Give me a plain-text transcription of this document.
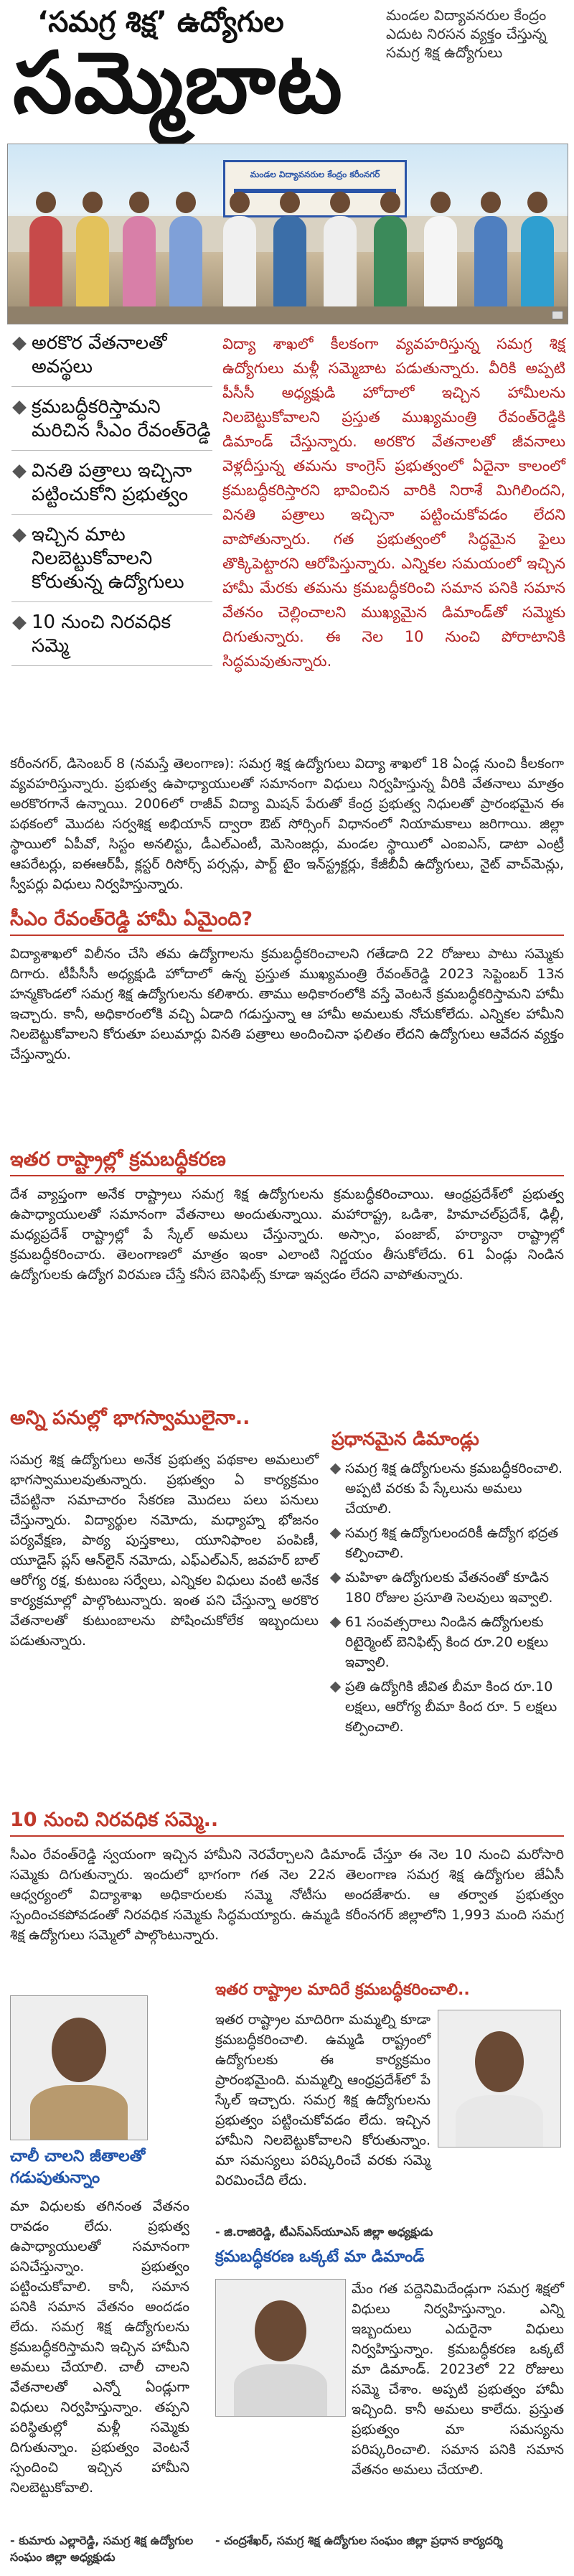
‘సమగ్ర శిక్ష’ ఉద్యోగుల
సమ్మెబాట
మండల విద్యావనరుల కేంద్రం ఎదుట నిరసన వ్యక్తం చేస్తున్న సమగ్ర శిక్ష ఉద్యోగులు
మండల విద్యావనరుల కేంద్రం కరీంనగర్
అరకొర వేతనాలతో అవస్థలు
క్రమబద్ధీకరిస్తామని మరిచిన సీఎం రేవంత్‌రెడ్డి
వినతి పత్రాలు ఇచ్చినా పట్టించుకోని ప్రభుత్వం
ఇచ్చిన మాట నిలబెట్టుకోవాలని కోరుతున్న ఉద్యోగులు
10 నుంచి నిరవధిక సమ్మె
విద్యా శాఖలో కీలకంగా వ్యవహరిస్తున్న సమగ్ర శిక్ష ఉద్యోగులు మళ్లీ సమ్మెబాట పడుతున్నారు. వీరికి అప్పటి పీసీసీ అధ్యక్షుడి హోదాలో ఇచ్చిన హామీలను నిలబెట్టుకోవాలని ప్రస్తుత ముఖ్యమంత్రి రేవంత్‌రెడ్డికి డిమాండ్‌ చేస్తున్నారు. అరకొర వేతనాలతో జీవనాలు వెళ్లదీస్తున్న తమను కాంగ్రెస్‌ ప్రభుత్వంలో ఏదైనా కాలంలో క్రమబద్ధీకరిస్తారని భావించిన వారికి నిరాశే మిగిలిందని, వినతి పత్రాలు ఇచ్చినా పట్టించుకోవడం లేదని వాపోతున్నారు. గత ప్రభుత్వంలో సిద్ధమైన ఫైలు తొక్కిపెట్టారని ఆరోపిస్తున్నారు. ఎన్నికల సమయంలో ఇచ్చిన హామీ మేరకు తమను క్రమబద్ధీకరించి సమాన పనికి సమాన వేతనం చెల్లించాలని ముఖ్యమైన డిమాండ్‌తో సమ్మెకు దిగుతున్నారు. ఈ నెల 10 నుంచి పోరాటానికి సిద్ధమవుతున్నారు.
కరీంనగర్‌, డిసెంబర్‌ 8 (నమస్తే తెలంగాణ): సమగ్ర శిక్ష ఉద్యోగులు విద్యా శాఖలో 18 ఏండ్ల నుంచి కీలకంగా వ్యవహరిస్తున్నారు. ప్రభుత్వ ఉపాధ్యాయులతో సమానంగా విధులు నిర్వహిస్తున్న వీరికి వేతనాలు మాత్రం అరకొరగానే ఉన్నాయి. 2006లో రాజీవ్‌ విద్యా మిషన్‌ పేరుతో కేంద్ర ప్రభుత్వ నిధులతో ప్రారంభమైన ఈ పథకంలో మొదట సర్వశిక్ష అభియాన్‌ ద్వారా ఔట్‌ సోర్సింగ్‌ విధానంలో నియామకాలు జరిగాయి. జిల్లా స్థాయిలో ఏపీవో, సిస్టం అనలిస్టు, డీఎల్‌ఎంటీ, మెసెంజర్లు, మండల స్థాయిలో ఎంఐఎస్‌, డాటా ఎంట్రీ ఆపరేటర్లు, ఐఈఆర్‌పీ, క్లస్టర్‌ రిసోర్స్‌ పర్సన్లు, పార్ట్‌ టైం ఇన్‌స్ట్రక్టర్లు, కేజీబీవీ ఉద్యోగులు, నైట్‌ వాచ్‌మెన్లు, స్వీపర్లు విధులు నిర్వహిస్తున్నారు.
సీఎం రేవంత్‌రెడ్డి హామీ ఏమైంది?
విద్యాశాఖలో విలీనం చేసి తమ ఉద్యోగాలను క్రమబద్ధీకరించాలని గతేడాది 22 రోజులు పాటు సమ్మెకు దిగారు. టీపీసీసీ అధ్యక్షుడి హోదాలో ఉన్న ప్రస్తుత ముఖ్యమంత్రి రేవంత్‌రెడ్డి 2023 సెప్టెంబర్‌ 13న హన్మకొండలో సమగ్ర శిక్ష ఉద్యోగులను కలిశారు. తాము అధికారంలోకి వస్తే వెంటనే క్రమబద్ధీకరిస్తామని హామీ ఇచ్చారు. కానీ, అధికారంలోకి వచ్చి ఏడాది గడుస్తున్నా ఆ హామీ అమలుకు నోచుకోలేదు. ఎన్నికల హామీని నిలబెట్టుకోవాలని కోరుతూ పలుమార్లు వినతి పత్రాలు అందించినా ఫలితం లేదని ఉద్యోగులు ఆవేదన వ్యక్తం చేస్తున్నారు.
ఇతర రాష్ట్రాల్లో క్రమబద్ధీకరణ
దేశ వ్యాప్తంగా అనేక రాష్ట్రాలు సమగ్ర శిక్ష ఉద్యోగులను క్రమబద్ధీకరించాయి. ఆంధ్రప్రదేశ్‌లో ప్రభుత్వ ఉపాధ్యాయులతో సమానంగా వేతనాలు అందుతున్నాయి. మహారాష్ట్ర, ఒడిశా, హిమాచల్‌ప్రదేశ్‌, ఢిల్లీ, మధ్యప్రదేశ్‌ రాష్ట్రాల్లో పే స్కేల్‌ అమలు చేస్తున్నారు. అస్సాం, పంజాబ్‌, హర్యానా రాష్ట్రాల్లో క్రమబద్ధీకరించారు. తెలంగాణలో మాత్రం ఇంకా ఎలాంటి నిర్ణయం తీసుకోలేదు. 61 ఏండ్లు నిండిన ఉద్యోగులకు ఉద్యోగ విరమణ చేస్తే కనీస బెనిఫిట్స్‌ కూడా ఇవ్వడం లేదని వాపోతున్నారు.
అన్ని పనుల్లో భాగస్వాములైనా..
సమగ్ర శిక్ష ఉద్యోగులు అనేక ప్రభుత్వ పథకాల అమలులో భాగస్వాములవుతున్నారు. ప్రభుత్వం ఏ కార్యక్రమం చేపట్టినా సమాచారం సేకరణ మొదలు పలు పనులు చేస్తున్నారు. విద్యార్థుల నమోదు, మధ్యాహ్న భోజనం పర్యవేక్షణ, పాఠ్య పుస్తకాలు, యూనిఫాంల పంపిణీ, యూడైస్‌ ప్లస్‌ ఆన్‌లైన్‌ నమోదు, ఎఫ్‌ఎల్‌ఎన్‌, జవహర్‌ బాల్‌ ఆరోగ్య రక్ష, కుటుంబ సర్వేలు, ఎన్నికల విధులు వంటి అనేక కార్యక్రమాల్లో పాల్గొంటున్నారు. ఇంత పని చేస్తున్నా అరకొర వేతనాలతో కుటుంబాలను పోషించుకోలేక ఇబ్బందులు పడుతున్నారు.
ప్రధానమైన డిమాండ్లు
సమగ్ర శిక్ష ఉద్యోగులను క్రమబద్ధీకరించాలి. అప్పటి వరకు పే స్కేలును అమలు చేయాలి.
సమగ్ర శిక్ష ఉద్యోగులందరికీ ఉద్యోగ భద్రత కల్పించాలి.
మహిళా ఉద్యోగులకు వేతనంతో కూడిన 180 రోజుల ప్రసూతి సెలవులు ఇవ్వాలి.
61 సంవత్సరాలు నిండిన ఉద్యోగులకు రిటైర్మెంట్‌ బెనిఫిట్స్‌ కింద రూ.20 లక్షలు ఇవ్వాలి.
ప్రతి ఉద్యోగికి జీవిత బీమా కింద రూ.10 లక్షలు, ఆరోగ్య బీమా కింద రూ. 5 లక్షలు కల్పించాలి.
10 నుంచి నిరవధిక సమ్మె..
సీఎం రేవంత్‌రెడ్డి స్వయంగా ఇచ్చిన హామీని నెరవేర్చాలని డిమాండ్‌ చేస్తూ ఈ నెల 10 నుంచి మరోసారి సమ్మెకు దిగుతున్నారు. ఇందులో భాగంగా గత నెల 22న తెలంగాణ సమగ్ర శిక్ష ఉద్యోగుల జేఏసీ ఆధ్వర్యంలో విద్యాశాఖ అధికారులకు సమ్మె నోటీసు అందజేశారు. ఆ తర్వాత ప్రభుత్వం స్పందించకపోవడంతో నిరవధిక సమ్మెకు సిద్ధమయ్యారు. ఉమ్మడి కరీంనగర్‌ జిల్లాలోని 1,993 మంది సమగ్ర శిక్ష ఉద్యోగులు సమ్మెలో పాల్గొంటున్నారు.
చాలీ చాలని జీతాలతో గడుపుతున్నాం
మా విధులకు తగినంత వేతనం రావడం లేదు. ప్రభుత్వ ఉపాధ్యాయులతో సమానంగా పనిచేస్తున్నాం. ప్రభుత్వం పట్టించుకోవాలి. కానీ, సమాన పనికి సమాన వేతనం అందడం లేదు. సమగ్ర శిక్ష ఉద్యోగులను క్రమబద్ధీకరిస్తామని ఇచ్చిన హామీని అమలు చేయాలి. చాలీ చాలని వేతనాలతో ఎన్నో ఏండ్లుగా విధులు నిర్వహిస్తున్నాం. తప్పని పరిస్థితుల్లో మళ్లీ సమ్మెకు దిగుతున్నాం. ప్రభుత్వం వెంటనే స్పందించి ఇచ్చిన హామీని నిలబెట్టుకోవాలి.
- కుమారు ఎల్లారెడ్డి, సమగ్ర శిక్ష ఉద్యోగుల సంఘం జిల్లా అధ్యక్షుడు
ఇతర రాష్ట్రాల మాదిరే క్రమబద్ధీకరించాలి..
ఇతర రాష్ట్రాల మాదిరిగా మమ్మల్ని కూడా క్రమబద్ధీకరించాలి. ఉమ్మడి రాష్ట్రంలో ఉద్యోగులకు ఈ కార్యక్రమం ప్రారంభమైంది. మమ్మల్ని ఆంధ్రప్రదేశ్‌లో పే స్కేల్‌ ఇచ్చారు. సమగ్ర శిక్ష ఉద్యోగులను ప్రభుత్వం పట్టించుకోవడం లేదు. ఇచ్చిన హామీని నిలబెట్టుకోవాలని కోరుతున్నాం. మా సమస్యలు పరిష్కరించే వరకు సమ్మె విరమించేది లేదు.
- జి.రాజిరెడ్డి, టీఎస్‌ఎస్‌యూఎస్‌ జిల్లా అధ్యక్షుడు
క్రమబద్ధీకరణ ఒక్కటే మా డిమాండ్‌
మేం గత పద్దెనిమిదేండ్లుగా సమగ్ర శిక్షలో విధులు నిర్వహిస్తున్నాం. ఎన్ని ఇబ్బందులు ఎదురైనా విధులు నిర్వహిస్తున్నాం. క్రమబద్ధీకరణ ఒక్కటే మా డిమాండ్‌. 2023లో 22 రోజులు సమ్మె చేశాం. అప్పటి ప్రభుత్వం హామీ ఇచ్చింది. కానీ అమలు కాలేదు. ప్రస్తుత ప్రభుత్వం మా సమస్యను పరిష్కరించాలి. సమాన పనికి సమాన వేతనం అమలు చేయాలి.
- చంద్రశేఖర్‌, సమగ్ర శిక్ష ఉద్యోగుల సంఘం జిల్లా ప్రధాన కార్యదర్శి
